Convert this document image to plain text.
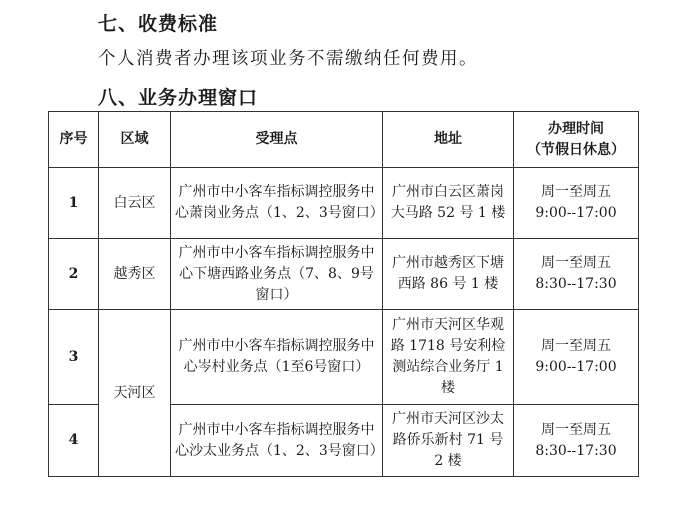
七、收费标准
个人消费者办理该项业务不需缴纳任何费用。
八、业务办理窗口
序号	区域	受理点	地址	办理时间
（节假日休息）

1	白云区	广州市中小客车指标调控服务中心萧岗业务点（1、2、3号窗口）	广州市白云区萧岗大马路 52 号 1 楼	周一至周五
9:00--17:00

2	越秀区	广州市中小客车指标调控服务中心下塘西路业务点（7、8、9号窗口）	广州市越秀区下塘西路 86 号 1 楼	周一至周五
8:30--17:30

3	天河区	广州市中小客车指标调控服务中心岑村业务点（1至6号窗口）	广州市天河区华观路 1718 号安利检测站综合业务厅 1 楼	周一至周五
9:00--17:00

4		广州市中小客车指标调控服务中心沙太业务点（1、2、3号窗口）	广州市天河区沙太路侨乐新村 71 号 2 楼	周一至周五
8:30--17:30
